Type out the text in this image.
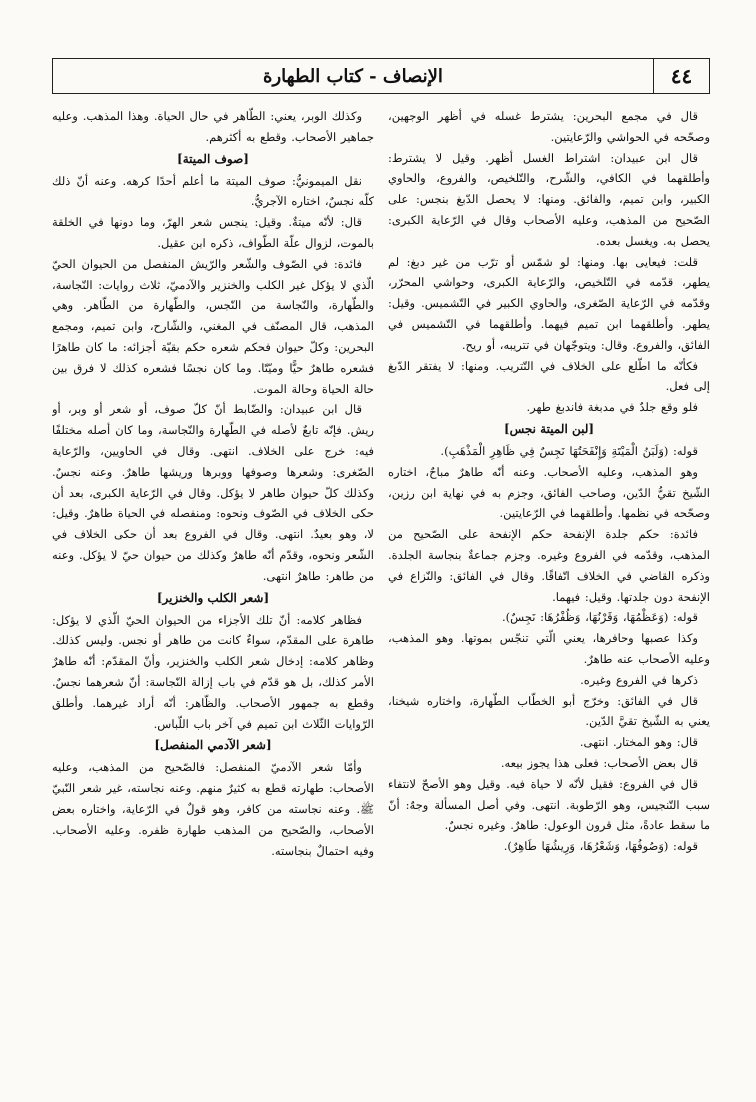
٤٤
الإنصاف - كتاب الطهارة

قال في مجمع البحرين: يشترط غسله في أظهر الوجهين، وصحّحه في الحواشي والرّعايتين.

قال ابن عبيدان: اشتراط الغسل أظهر. وقيل لا يشترط: وأطلقهما في الكافي، والشّرح، والتّلخيص، والفروع، والحاوي الكبير، وابن تميم، والفائق. ومنها: لا يحصل الدّبغ بنجس: على الصّحيح من المذهب، وعليه الأصحاب وقال في الرّعاية الكبرى: يحصل به. ويغسل بعده.

قلت: فيعايى بها. ومنها: لو شمّس أو ترّب من غير دبغ: لم يطهر، قدّمه في التّلخيص، والرّعاية الكبرى، وحواشي المحرّر، وقدّمه في الرّعاية الصّغرى، والحاوي الكبير في التّشميس. وقيل: يطهر. وأطلقهما ابن تميم فيهما. وأطلقهما في التّشميس في الفائق، والفروع. وقال: ويتوجّهان في تتريبه، أو ريح.

فكأنّه ما اطّلع على الخلاف في التّتريب. ومنها: لا يفتقر الدّبغ إلى فعل.

فلو وقع جلدٌ في مدبغة فاندبغ طهر.

[لبن الميتة نجس]

قوله: (وَلَبَنُ الْمَيْتَةِ وَإِنْفَحَتُهَا نَجِسٌ فِي ظَاهِرِ الْمَذْهَبِ).

وهو المذهب، وعليه الأصحاب. وعنه أنّه طاهرٌ مباحٌ، اختاره الشّيخ تقيُّ الدّين، وصاحب الفائق، وجزم به في نهاية ابن رزين، وصحّحه في نظمها. وأطلقهما في الرّعايتين.

فائدة: حكم جلدة الإنفحة حكم الإنفحة على الصّحيح من المذهب، وقدّمه في الفروع وغيره. وجزم جماعةٌ بنجاسة الجلدة. وذكره القاضي في الخلاف اتّفاقًا. وقال في الفائق: والنّزاع في الإنفحة دون جلدتها. وقيل: فيهما.

قوله: (وَعَظْمُهَا، وَقَرْنُهَا، وَظُفْرُهَا: نَجِسٌ).

وكذا عصبها وحافرها، يعني الّتي تنجّس بموتها. وهو المذهب، وعليه الأصحاب عنه طاهرٌ.

ذكرها في الفروع وغيره.

قال في الفائق: وخرّج أبو الخطّاب الطّهارة، واختاره شيخنا، يعني به الشّيخ تقيَّ الدّين.

قال: وهو المختار. انتهى.

قال بعض الأصحاب: فعلى هذا يجوز بيعه.

قال في الفروع: فقيل لأنّه لا حياة فيه. وقيل وهو الأصحّ لانتفاء سبب التّنجيس، وهو الرّطوبة. انتهى. وفي أصل المسألة وجهٌ: أنّ ما سقط عادةً، مثل قرون الوعول: طاهرٌ. وغيره نجسٌ.

قوله: (وَصُوفُهَا، وَشَعْرُهَا، وَرِيشُهَا طَاهِرٌ).

وكذلك الوبر، يعني: الطّاهر في حال الحياة. وهذا المذهب. وعليه جماهير الأصحاب. وقطع به أكثرهم.

[صوف الميتة]

نقل الميمونيُّ: صوف الميتة ما أعلم أحدًا كرهه. وعنه أنّ ذلك كلّه نجسٌ، اختاره الآجريُّ.

قال: لأنّه ميتةٌ. وقيل: ينجس شعر الهرّ، وما دونها في الخلقة بالموت، لزوال علّة الطّواف، ذكره ابن عقيل.

فائدة: في الصّوف والشّعر والرّيش المنفصل من الحيوان الحيّ الّذي لا يؤكل غير الكلب والخنزير والآدميّ، ثلاث روايات: النّجاسة، والطّهارة، والنّجاسة من النّجس، والطّهارة من الطّاهر. وهي المذهب، قال المصنّف في المغني، والشّارح، وابن تميم، ومجمع البحرين: وكلّ حيوان فحكم شعره حكم بقيّة أجزائه: ما كان طاهرًا فشعره طاهرٌ حيًّا وميّتًا. وما كان نجسًا فشعره كذلك لا فرق بين حالة الحياة وحالة الموت.

قال ابن عبيدان: والضّابط أنّ كلّ صوف، أو شعر أو وبر، أو ريش. فإنّه تابعٌ لأصله في الطّهارة والنّجاسة، وما كان أصله مختلفًا فيه: خرج على الخلاف. انتهى. وقال في الحاويين، والرّعاية الصّغرى: وشعرها وصوفها ووبرها وريشها طاهرٌ. وعنه نجسٌ. وكذلك كلّ حيوان طاهر لا يؤكل. وقال في الرّعاية الكبرى، بعد أن حكى الخلاف في الصّوف ونحوه: ومنفصله في الحياة طاهرٌ. وقيل: لا، وهو بعيدٌ. انتهى. وقال في الفروع بعد أن حكى الخلاف في الشّعر ونحوه، وقدّم أنّه طاهرٌ وكذلك من حيوان حيّ لا يؤكل. وعنه من طاهر: طاهرٌ انتهى.

[شعر الكلب والخنزير]

فظاهر كلامه: أنّ تلك الأجزاء من الحيوان الحيّ الّذي لا يؤكل: طاهرة على المقدّم، سواءٌ كانت من طاهر أو نجس. وليس كذلك. وظاهر كلامه: إدخال شعر الكلب والخنزير، وأنّ المقدّم: أنّه طاهرٌ الأمر كذلك، بل هو قدّم في باب إزالة النّجاسة: أنّ شعرهما نجسٌ. وقطع به جمهور الأصحاب. والظّاهر: أنّه أراد غيرهما. وأطلق الرّوايات الثّلاث ابن تميم في آخر باب اللّباس.

[شعر الآدمي المنفصل]

وأمّا شعر الآدميّ المنفصل: فالصّحيح من المذهب، وعليه الأصحاب: طهارته قطع به كثيرٌ منهم. وعنه نجاسته، غير شعر النّبيّ ﷺ. وعنه نجاسته من كافر، وهو قولٌ في الرّعاية، واختاره بعض الأصحاب، والصّحيح من المذهب طهارة ظفره. وعليه الأصحاب. وفيه احتمالٌ بنجاسته.
